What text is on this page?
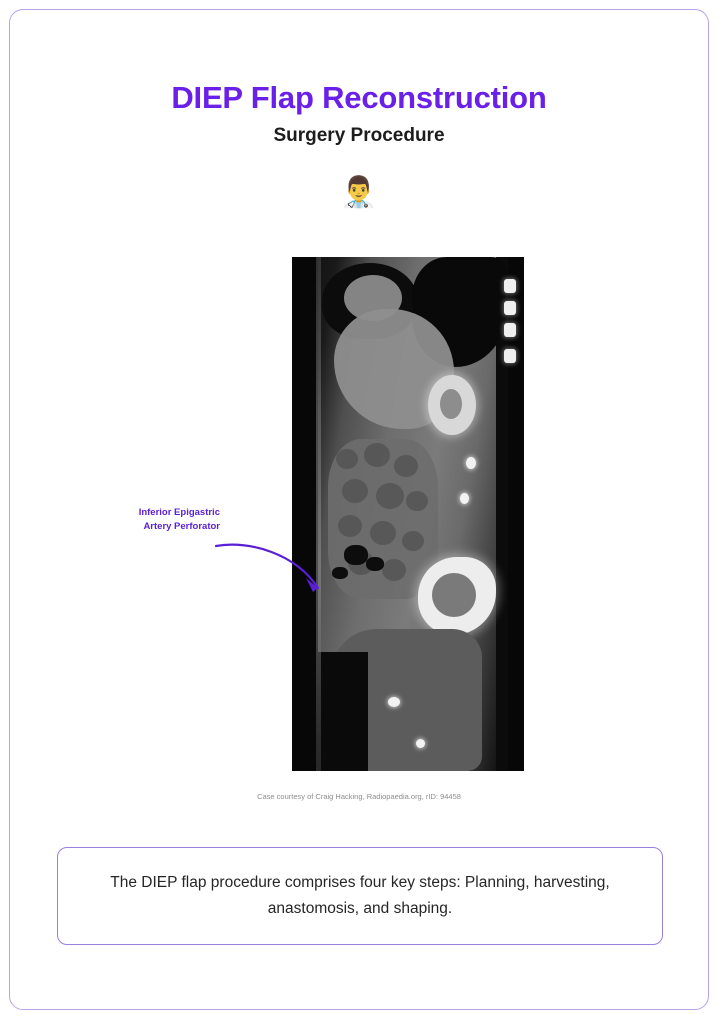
DIEP Flap Reconstruction
Surgery Procedure
👨‍⚕️
Inferior Epigastric Artery Perforator
Case courtesy of Craig Hacking, Radiopaedia.org, rID: 94458
The DIEP flap procedure comprises four key steps: Planning, harvesting, anastomosis, and shaping.
